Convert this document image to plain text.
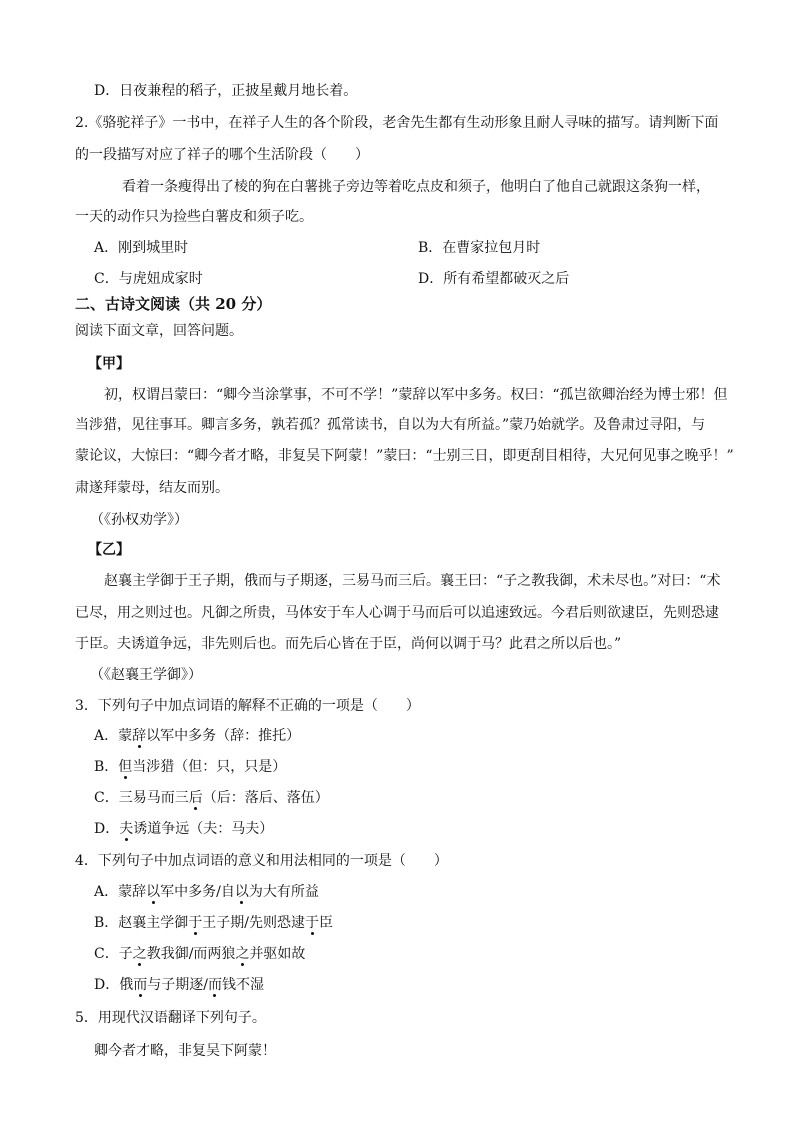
D．日夜兼程的稻子，正披星戴月地长着。
2.《骆驼祥子》一书中，在祥子人生的各个阶段，老舍先生都有生动形象且耐人寻味的描写。请判断下面
的一段描写对应了祥子的哪个生活阶段（　　）
看着一条瘦得出了棱的狗在白薯挑子旁边等着吃点皮和须子，他明白了他自己就跟这条狗一样，
一天的动作只为捡些白薯皮和须子吃。
A．刚到城里时	B．在曹家拉包月时
C．与虎妞成家时	D．所有希望都破灭之后
二、古诗文阅读（共 20 分）
阅读下面文章，回答问题。
【甲】
初，权谓吕蒙曰：“卿今当涂掌事，不可不学！”蒙辞以军中多务。权曰：“孤岂欲卿治经为博士邪！但
当涉猎，见往事耳。卿言多务，孰若孤？孤常读书，自以为大有所益。”蒙乃始就学。及鲁肃过寻阳，与
蒙论议，大惊曰：“卿今者才略，非复吴下阿蒙！”蒙曰：“士别三日，即更刮目相待，大兄何见事之晚乎！”
肃遂拜蒙母，结友而别。
（《孙权劝学》）
【乙】
赵襄主学御于王子期，俄而与子期逐，三易马而三后。襄王曰：“子之教我御，术未尽也。”对曰：“术
已尽，用之则过也。凡御之所贵，马体安于车人心调于马而后可以追速致远。今君后则欲逮臣，先则恐逮
于臣。夫诱道争远，非先则后也。而先后心皆在于臣，尚何以调于马？此君之所以后也。”
（《赵襄王学御》）
3．下列句子中加点词语的解释不正确的一项是（　　）
A．蒙辞以军中多务（辞：推托）
B．但当涉猎（但：只，只是）
C．三易马而三后（后：落后、落伍）
D．夫诱道争远（夫：马夫）
4．下列句子中加点词语的意义和用法相同的一项是（　　）
A．蒙辞以军中多务/自以为大有所益
B．赵襄主学御于王子期/先则恐逮于臣
C．子之教我御/而两狼之并驱如故
D．俄而与子期逐/而钱不湿
5．用现代汉语翻译下列句子。
卿今者才略，非复吴下阿蒙！
